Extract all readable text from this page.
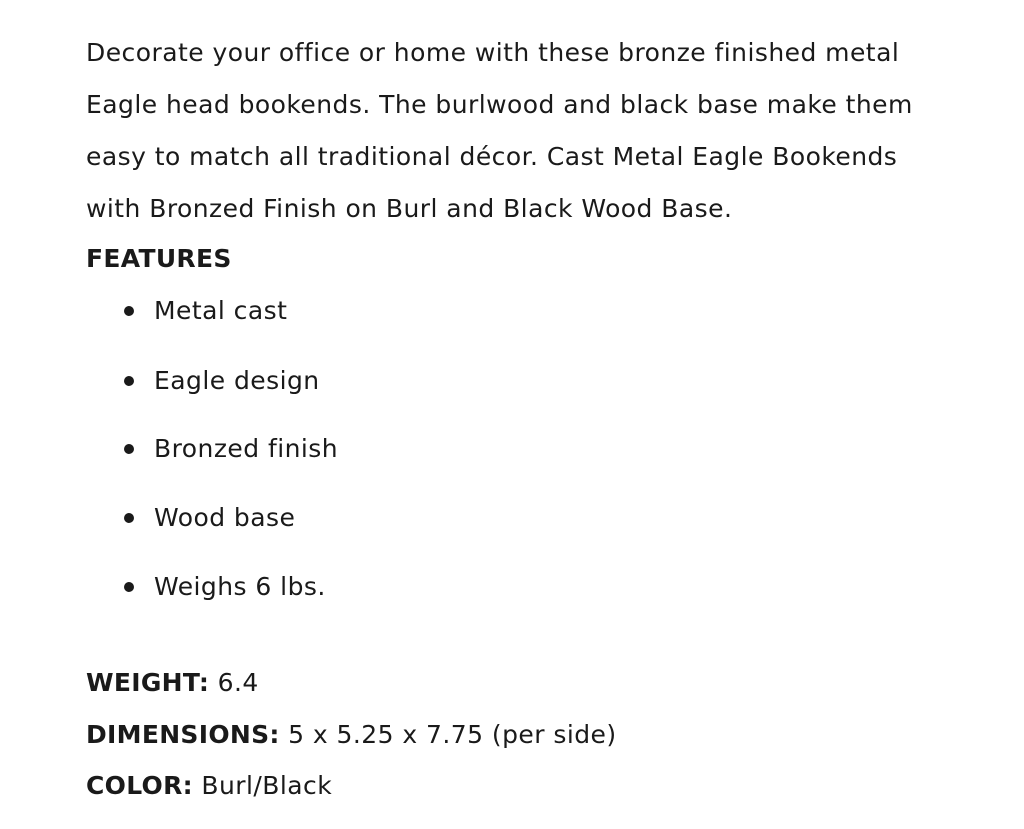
Decorate your office or home with these bronze finished metal
Eagle head bookends. The burlwood and black base make them
easy to match all traditional décor. Cast Metal Eagle Bookends
with Bronzed Finish on Burl and Black Wood Base.

FEATURES
Metal cast
Eagle design
Bronzed finish
Wood base
Weighs 6 lbs.
WEIGHT: 6.4
DIMENSIONS: 5 x 5.25 x 7.75 (per side)
COLOR: Burl/Black
